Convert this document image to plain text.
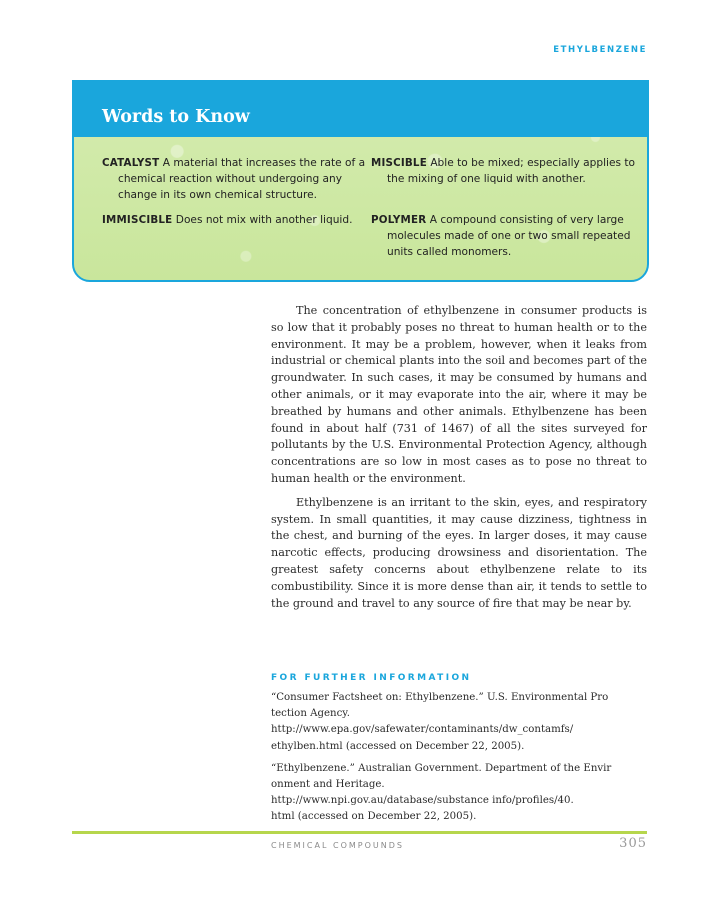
ETHYLBENZENE
Words to Know
CATALYST A material that increases the rate of a chemical reaction without undergoing any change in its own chemical structure.
IMMISCIBLE Does not mix with another liquid.
MISCIBLE Able to be mixed; especially applies to the mixing of one liquid with another.
POLYMER A compound consisting of very large molecules made of one or two small repeated units called monomers.

The concentration of ethylbenzene in consumer products is so low that it probably poses no threat to human health or to the environment. It may be a problem, however, when it leaks from industrial or chemical plants into the soil and becomes part of the groundwater. In such cases, it may be consumed by humans and other animals, or it may evaporate into the air, where it may be breathed by humans and other animals. Ethylbenzene has been found in about half (731 of 1467) of all the sites surveyed for pollutants by the U.S. Environmental Protection Agency, although concentrations are so low in most cases as to pose no threat to human health or the environment.

Ethylbenzene is an irritant to the skin, eyes, and respiratory system. In small quantities, it may cause dizziness, tightness in the chest, and burning of the eyes. In larger doses, it may cause narcotic effects, producing drowsiness and disorientation. The greatest safety concerns about ethylbenzene relate to its combustibility. Since it is more dense than air, it tends to settle to the ground and travel to any source of fire that may be near by.

FOR FURTHER INFORMATION
“Consumer Factsheet on: Ethylbenzene.” U.S. Environmental Pro
tection Agency.
http://www.epa.gov/safewater/contaminants/dw_contamfs/
ethylben.html (accessed on December 22, 2005).
“Ethylbenzene.” Australian Government. Department of the Envir
onment and Heritage.
http://www.npi.gov.au/database/substance info/profiles/40.
html (accessed on December 22, 2005).
CHEMICAL COMPOUNDS	305
